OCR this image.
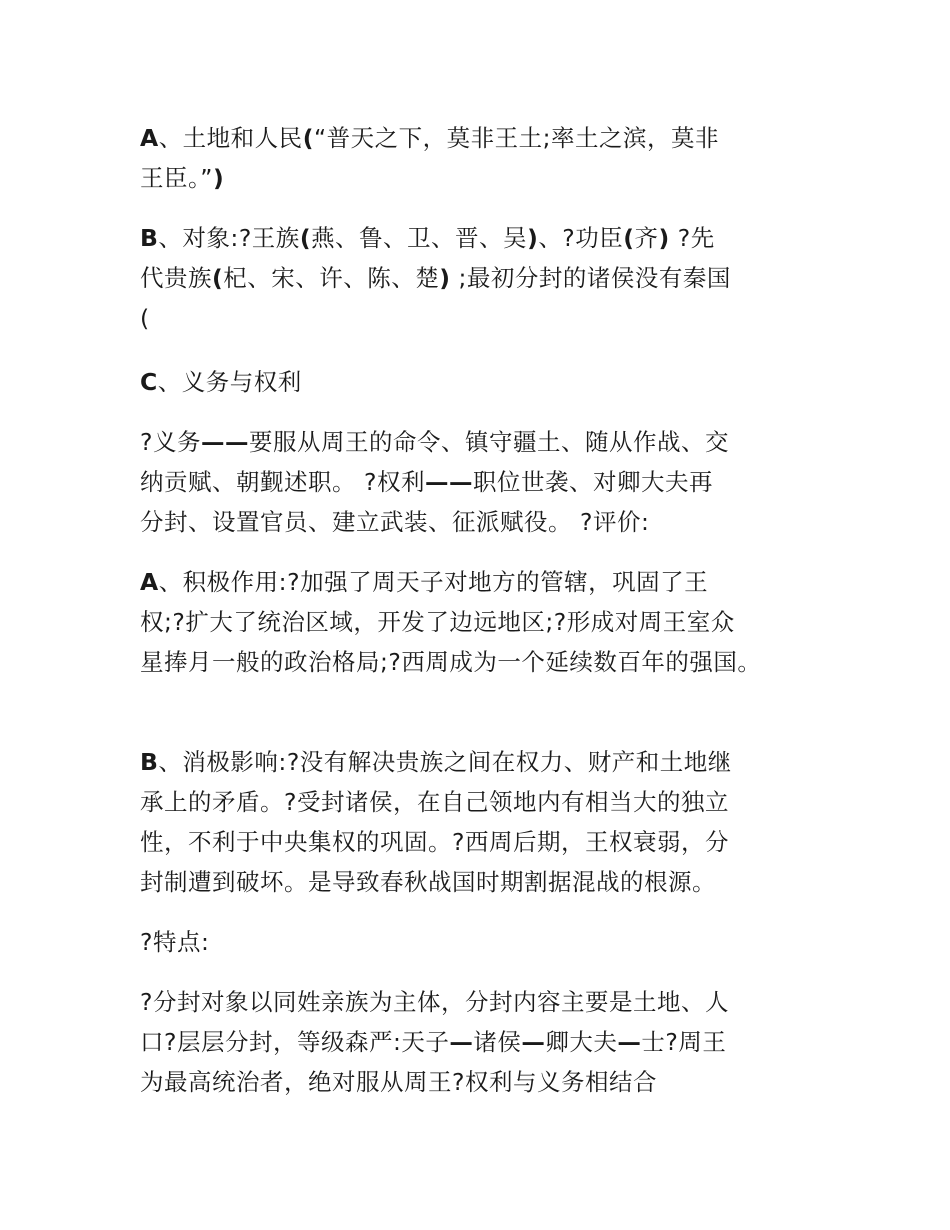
A、土地和人民(“普天之下，莫非王土;率土之滨，莫非
王臣。”)
B、对象:?王族(燕、鲁、卫、晋、吴)、?功臣(齐) ?先
代贵族(杞、宋、许、陈、楚) ;最初分封的诸侯没有秦国
(
C、义务与权利
?义务——要服从周王的命令、镇守疆土、随从作战、交
纳贡赋、朝觐述职。 ?权利——职位世袭、对卿大夫再
分封、设置官员、建立武装、征派赋役。 ?评价:
A、积极作用:?加强了周天子对地方的管辖，巩固了王
权;?扩大了统治区域，开发了边远地区;?形成对周王室众
星捧月一般的政治格局;?西周成为一个延续数百年的强国。
B、消极影响:?没有解决贵族之间在权力、财产和土地继
承上的矛盾。?受封诸侯，在自己领地内有相当大的独立
性，不利于中央集权的巩固。?西周后期，王权衰弱，分
封制遭到破坏。是导致春秋战国时期割据混战的根源。
?特点:
?分封对象以同姓亲族为主体，分封内容主要是土地、人
口?层层分封，等级森严:天子—诸侯—卿大夫—士?周王
为最高统治者，绝对服从周王?权利与义务相结合
